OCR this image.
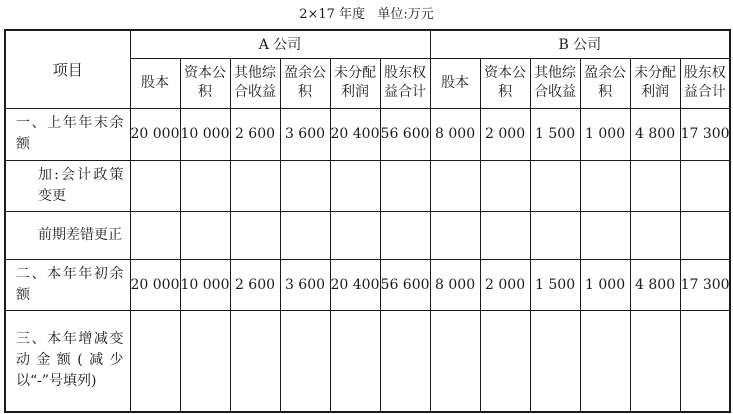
2×17 年度   单位:万元
项目	A 公司						B 公司					
	股本	资本公积	其他综合收益	盈余公积	未分配利润	股东权益合计	股本	资本公积	其他综合收益	盈余公积	未分配利润	股东权益合计
一、上年年末余额	20 000	10 000	2 600	3 600	20 400	56 600	8 000	2 000	1 500	1 000	4 800	17 300
加:会计政策变更												
前期差错更正												
二、本年年初余额	20 000	10 000	2 600	3 600	20 400	56 600	8 000	2 000	1 500	1 000	4 800	17 300
三、本年增减变动金额(减少以“-”号填列)												
